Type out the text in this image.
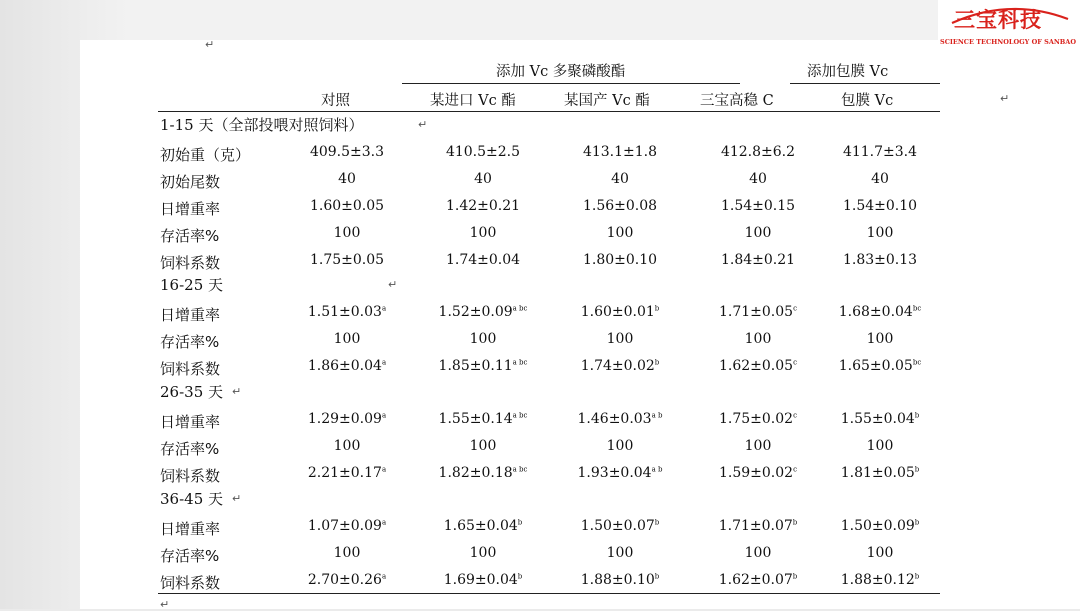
三宝科技
SCIENCE TECHNOLOGY OF SANBAO
↵
↵
↵
添加 Vc 多聚磷酸酯	添加包膜 Vc
对照	某进口 Vc 酯	某国产 Vc 酯	三宝高稳 C	包膜 Vc
1-15 天（全部投喂对照饲料）	↵
初始重（克）	409.5±3.3	410.5±2.5	413.1±1.8	412.8±6.2	411.7±3.4
初始尾数	40	40	40	40	40
日增重率	1.60±0.05	1.42±0.21	1.56±0.08	1.54±0.15	1.54±0.10
存活率%	100	100	100	100	100
饲料系数	1.75±0.05	1.74±0.04	1.80±0.10	1.84±0.21	1.83±0.13
16-25 天	↵
日增重率	1.51±0.03$^a$	$1.52\pm 0.09^{a bc}$	1.60±0.01$^b$	1.71±0.05$^c$	1.68±0.04$^{bc}$
存活率%	100	100	100	100	100
饲料系数	1.86±0.04$^a$	$1.85\pm 0.11^{a bc}$	1.74±0.02$^b$	1.62±0.05$^c$	1.65±0.05$^{bc}$
26-35 天 ↵
日增重率	1.29±0.09$^a$	$1.55\pm 0.14^{a bc}$	$1.46\pm 0.03^{a b}$	1.75±0.02$^c$	1.55±0.04$^b$
存活率%	100	100	100	100	100
饲料系数	2.21±0.17$^a$	$1.82\pm 0.18^{a bc}$	$1.93\pm 0.04^{a b}$	1.59±0.02$^c$	1.81±0.05$^b$
36-45 天 ↵
日增重率	1.07±0.09$^a$	1.65±0.04$^b$	1.50±0.07$^b$	1.71±0.07$^b$	1.50±0.09$^b$
存活率%	100	100	100	100	100
饲料系数	2.70±0.26$^a$	1.69±0.04$^b$	1.88±0.10$^b$	1.62±0.07$^b$	1.88±0.12$^b$
